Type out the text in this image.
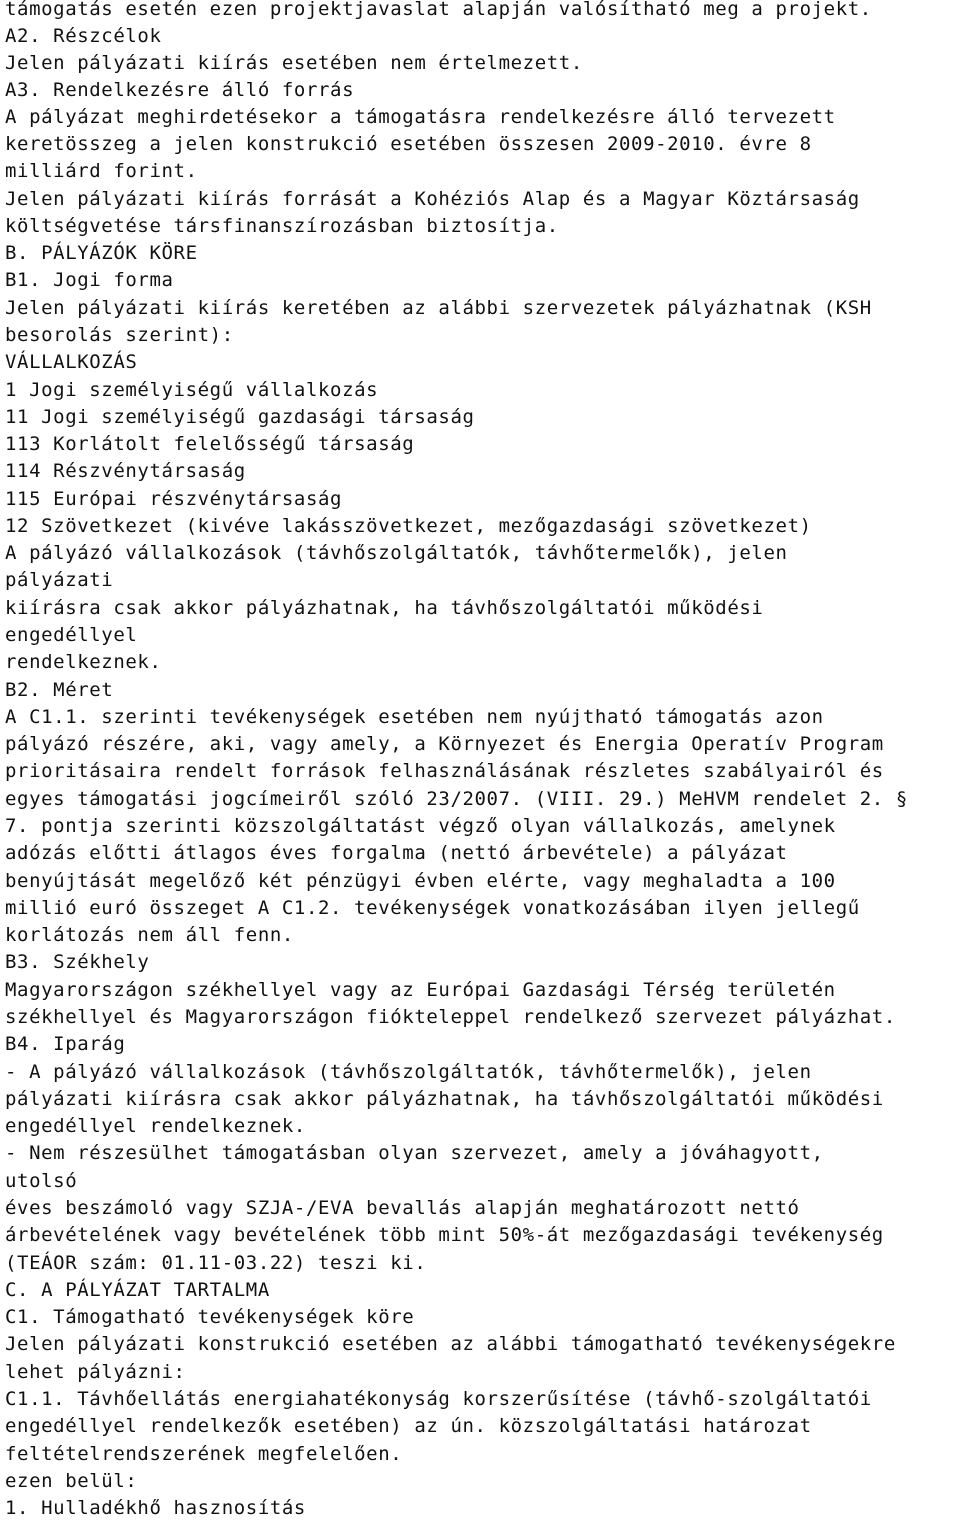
támogatás esetén ezen projektjavaslat alapján valósítható meg a projekt.

A2. Részcélok

Jelen pályázati kiírás esetében nem értelmezett.

A3. Rendelkezésre álló forrás

A pályázat meghirdetésekor a támogatásra rendelkezésre álló tervezett

keretösszeg a jelen konstrukció esetében összesen 2009-2010. évre 8

milliárd forint.

Jelen pályázati kiírás forrását a Kohéziós Alap és a Magyar Köztársaság

költségvetése társfinanszírozásban biztosítja.

B. PÁLYÁZÓK KÖRE

B1. Jogi forma

Jelen pályázati kiírás keretében az alábbi szervezetek pályázhatnak (KSH

besorolás szerint):

VÁLLALKOZÁS

1 Jogi személyiségű vállalkozás

11 Jogi személyiségű gazdasági társaság

113 Korlátolt felelősségű társaság

114 Részvénytársaság

115 Európai részvénytársaság

12 Szövetkezet (kivéve lakásszövetkezet, mezőgazdasági szövetkezet)

A pályázó vállalkozások (távhőszolgáltatók, távhőtermelők), jelen

pályázati

kiírásra csak akkor pályázhatnak, ha távhőszolgáltatói működési

engedéllyel

rendelkeznek.

B2. Méret

A C1.1. szerinti tevékenységek esetében nem nyújtható támogatás azon

pályázó részére, aki, vagy amely, a Környezet és Energia Operatív Program

prioritásaira rendelt források felhasználásának részletes szabályairól és

egyes támogatási jogcímeiről szóló 23/2007. (VIII. 29.) MeHVM rendelet 2. §

7. pontja szerinti közszolgáltatást végző olyan vállalkozás, amelynek

adózás előtti átlagos éves forgalma (nettó árbevétele) a pályázat

benyújtását megelőző két pénzügyi évben elérte, vagy meghaladta a 100

millió euró összeget A C1.2. tevékenységek vonatkozásában ilyen jellegű

korlátozás nem áll fenn.

B3. Székhely

Magyarországon székhellyel vagy az Európai Gazdasági Térség területén

székhellyel és Magyarországon fióktelеppel rendelkező szervezet pályázhat.

B4. Iparág

- A pályázó vállalkozások (távhőszolgáltatók, távhőtermelők), jelen

pályázati kiírásra csak akkor pályázhatnak, ha távhőszolgáltatói működési

engedéllyel rendelkeznek.

- Nem részesülhet támogatásban olyan szervezet, amely a jóváhagyott,

utolsó

éves beszámoló vagy SZJA-/EVA bevallás alapján meghatározott nettó

árbevételének vagy bevételének több mint 50%-át mezőgazdasági tevékenység

(TEÁOR szám: 01.11-03.22) teszi ki.

C. A PÁLYÁZAT TARTALMA

C1. Támogatható tevékenységek köre

Jelen pályázati konstrukció esetében az alábbi támogatható tevékenységekre

lehet pályázni:

C1.1. Távhőellátás energiahatékonyság korszerűsítése (távhő-szolgáltatói

engedéllyel rendelkezők esetében) az ún. közszolgáltatási határozat

feltételrendszerének megfelelően.

ezen belül:

1. Hulladékhő hasznosítás
